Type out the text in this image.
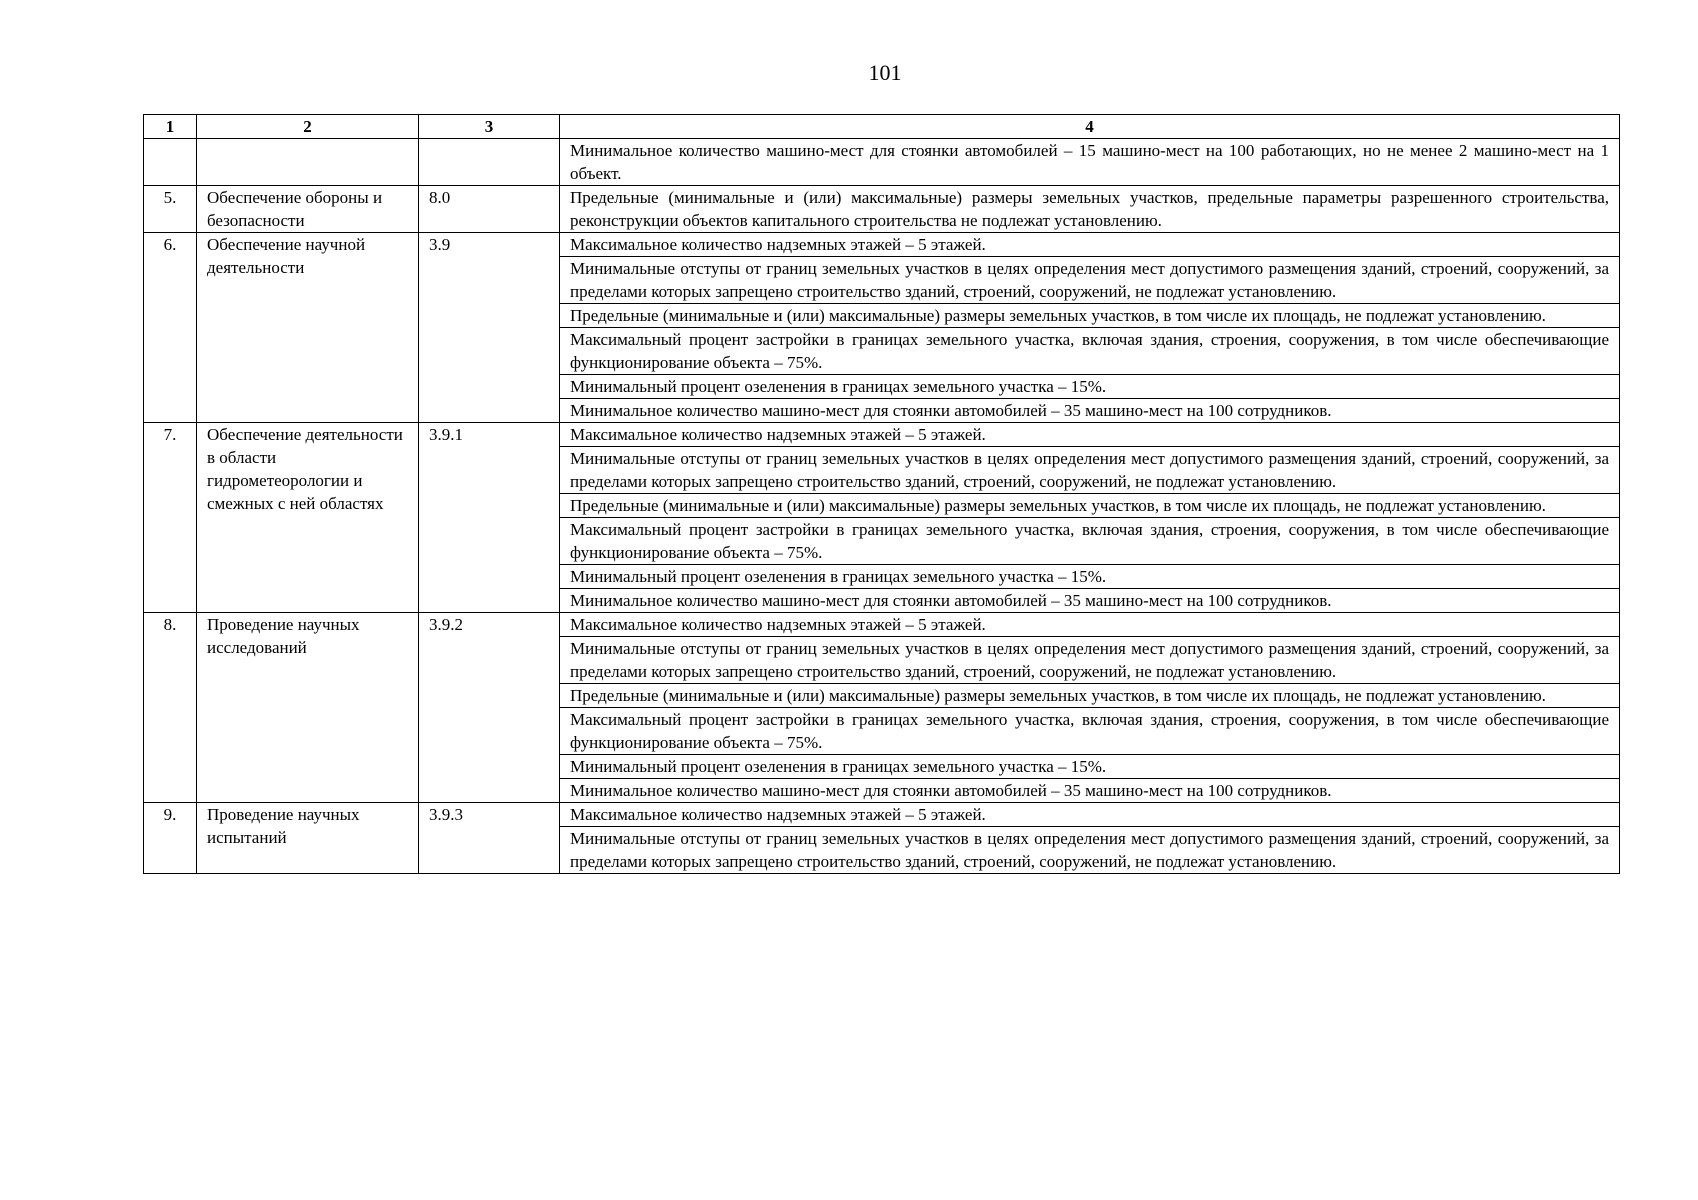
101
1	2	3	4
			Минимальное количество машино-мест для стоянки автомобилей – 15 машино-мест на 100 работающих, но не менее 2 машино-мест на 1 объект.
5.	Обеспечение обороны и безопасности	8.0	Предельные (минимальные и (или) максимальные) размеры земельных участков, предельные параметры разрешенного строительства, реконструкции объектов капитального строительства не подлежат установлению.
6.	Обеспечение научной деятельности	3.9	Максимальное количество надземных этажей – 5 этажей.
			Минимальные отступы от границ земельных участков в целях определения мест допустимого размещения зданий, строений, сооружений, за пределами которых запрещено строительство зданий, строений, сооружений, не подлежат установлению.
			Предельные (минимальные и (или) максимальные) размеры земельных участков, в том числе их площадь, не подлежат установлению.
			Максимальный процент застройки в границах земельного участка, включая здания, строения, сооружения, в том числе обеспечивающие функционирование объекта – 75%.
			Минимальный процент озеленения в границах земельного участка – 15%.
			Минимальное количество машино-мест для стоянки автомобилей – 35 машино-мест на 100 сотрудников.
7.	Обеспечение деятельности в области гидрометеорологии и смежных с ней областях	3.9.1	Максимальное количество надземных этажей – 5 этажей.
			Минимальные отступы от границ земельных участков в целях определения мест допустимого размещения зданий, строений, сооружений, за пределами которых запрещено строительство зданий, строений, сооружений, не подлежат установлению.
			Предельные (минимальные и (или) максимальные) размеры земельных участков, в том числе их площадь, не подлежат установлению.
			Максимальный процент застройки в границах земельного участка, включая здания, строения, сооружения, в том числе обеспечивающие функционирование объекта – 75%.
			Минимальный процент озеленения в границах земельного участка – 15%.
			Минимальное количество машино-мест для стоянки автомобилей – 35 машино-мест на 100 сотрудников.
8.	Проведение научных исследований	3.9.2	Максимальное количество надземных этажей – 5 этажей.
			Минимальные отступы от границ земельных участков в целях определения мест допустимого размещения зданий, строений, сооружений, за пределами которых запрещено строительство зданий, строений, сооружений, не подлежат установлению.
			Предельные (минимальные и (или) максимальные) размеры земельных участков, в том числе их площадь, не подлежат установлению.
			Максимальный процент застройки в границах земельного участка, включая здания, строения, сооружения, в том числе обеспечивающие функционирование объекта – 75%.
			Минимальный процент озеленения в границах земельного участка – 15%.
			Минимальное количество машино-мест для стоянки автомобилей – 35 машино-мест на 100 сотрудников.
9.	Проведение научных испытаний	3.9.3	Максимальное количество надземных этажей – 5 этажей.
			Минимальные отступы от границ земельных участков в целях определения мест допустимого размещения зданий, строений, сооружений, за пределами которых запрещено строительство зданий, строений, сооружений, не подлежат установлению.
